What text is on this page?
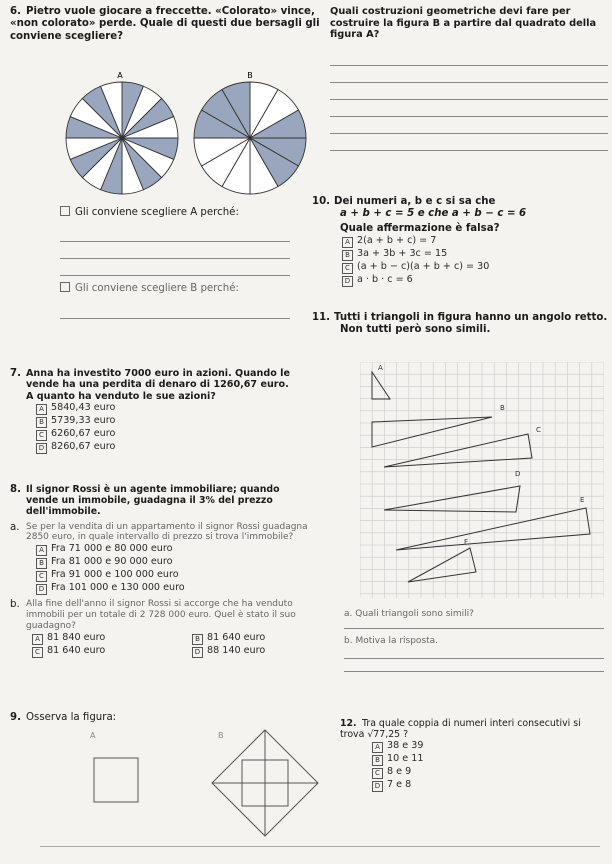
6. Pietro vuole giocare a freccette. «Colorato» vince, «non colorato» perde. Quale di questi due bersagli gli conviene scegliere?
A	B
Gli conviene scegliere A perché:
Gli conviene scegliere B perché:
7. Anna ha investito 7000 euro in azioni. Quando le vende ha una perdita di denaro di 1260,67 euro. A quanto ha venduto le sue azioni?
A 5840,43 euro
B 5739,33 euro
C 6260,67 euro
D 8260,67 euro
8. Il signor Rossi è un agente immobiliare; quando vende un immobile, guadagna il 3% del prezzo dell'immobile.
a. Se per la vendita di un appartamento il signor Rossi guadagna 2850 euro, in quale intervallo di prezzo si trova l'immobile?
A Fra 71 000 e 80 000 euro
B Fra 81 000 e 90 000 euro
C Fra 91 000 e 100 000 euro
D Fra 101 000 e 130 000 euro
b. Alla fine dell'anno il signor Rossi si accorge che ha venduto immobili per un totale di 2 728 000 euro. Quel è stato il suo guadagno?
A 81 840 euro	B 81 640 euro
C 81 640 euro	D 88 140 euro
9. Osserva la figura:
A	B
Quali costruzioni geometriche devi fare per costruire la figura B a partire dal quadrato della figura A?
10. Dei numeri a, b e c si sa che
a + b + c = 5 e che a + b − c = 6
Quale affermazione è falsa?
A 2(a + b + c) = 7
B 3a + 3b + 3c = 15
C (a + b − c)(a + b + c) = 30
D a · b · c = 6
11. Tutti i triangoli in figura hanno un angolo retto.
Non tutti però sono simili.
A
B
C
D
E
F
a. Quali triangoli sono simili?
b. Motiva la risposta.
12. Tra quale coppia di numeri interi consecutivi si trova √77,25 ?
A 38 e 39
B 10 e 11
C 8 e 9
D 7 e 8
